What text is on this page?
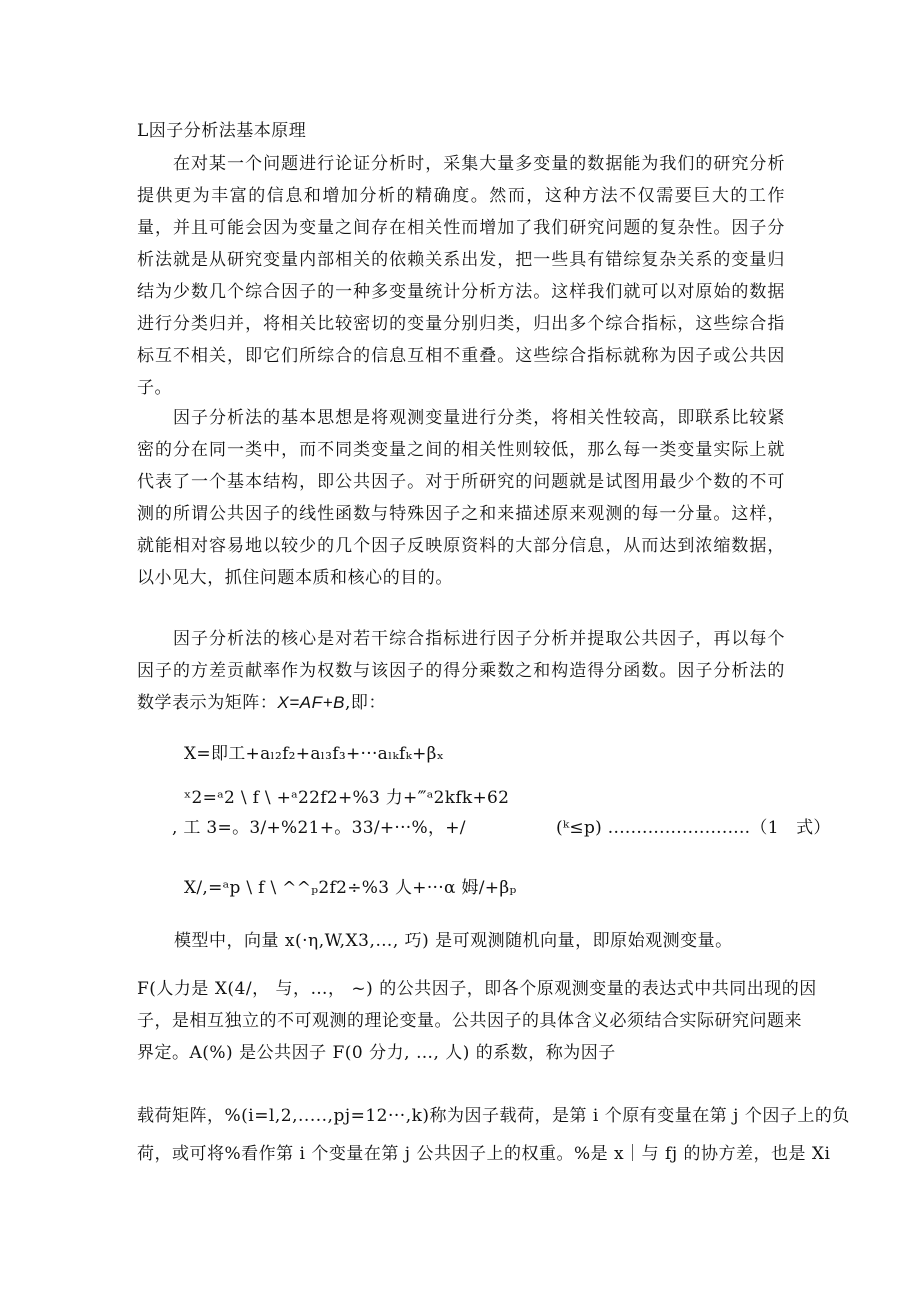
L因子分析法基本原理

在对某一个问题进行论证分析时，采集大量多变量的数据能为我们的研究分析提供更为丰富的信息和增加分析的精确度。然而，这种方法不仅需要巨大的工作量，并且可能会因为变量之间存在相关性而增加了我们研究问题的复杂性。因子分析法就是从研究变量内部相关的依赖关系出发，把一些具有错综复杂关系的变量归结为少数几个综合因子的一种多变量统计分析方法。这样我们就可以对原始的数据进行分类归并，将相关比较密切的变量分别归类，归出多个综合指标，这些综合指标互不相关，即它们所综合的信息互相不重叠。这些综合指标就称为因子或公共因子。

因子分析法的基本思想是将观测变量进行分类，将相关性较高，即联系比较紧密的分在同一类中，而不同类变量之间的相关性则较低，那么每一类变量实际上就代表了一个基本结构，即公共因子。对于所研究的问题就是试图用最少个数的不可测的所谓公共因子的线性函数与特殊因子之和来描述原来观测的每一分量。这样，就能相对容易地以较少的几个因子反映原资料的大部分信息，从而达到浓缩数据，以小见大，抓住问题本质和核心的目的。

因子分析法的核心是对若干综合指标进行因子分析并提取公共因子，再以每个因子的方差贡献率作为权数与该因子的得分乘数之和构造得分函数。因子分析法的数学表示为矩阵：X=AF+B,即：

X=即工+aₗ₂f₂+aₗ₃f₃+···aₗₖfₖ+βₓ
ˣ2=ᵃ2 \ f \ +ᵃ22f2+%3 力+‴ᵃ2kfk+62
, 工 3=。3/+%21+。33/+···%，+/	(ᵏ≤p) .........................（1　式）
X/,=ᵃp \ f \ ^^ₚ2f2÷%3 人+···α 姆/+βₚ
模型中，向量 x(·η,W,X3,…, 巧) 是可观测随机向量，即原始观测变量。
F(人力是 X(4/， 与，…， ~) 的公共因子，即各个原观测变量的表达式中共同出现的因
子，是相互独立的不可观测的理论变量。公共因子的具体含义必须结合实际研究问题来
界定。A(%) 是公共因子 F(0 分力, …, 人) 的系数，称为因子
载荷矩阵，%(i=l,2,.....,pj=12···,k)称为因子载荷，是第 i 个原有变量在第 j 个因子上的负
荷，或可将%看作第 i 个变量在第 j 公共因子上的权重。%是 x｜与 fj 的协方差，也是 Xi
